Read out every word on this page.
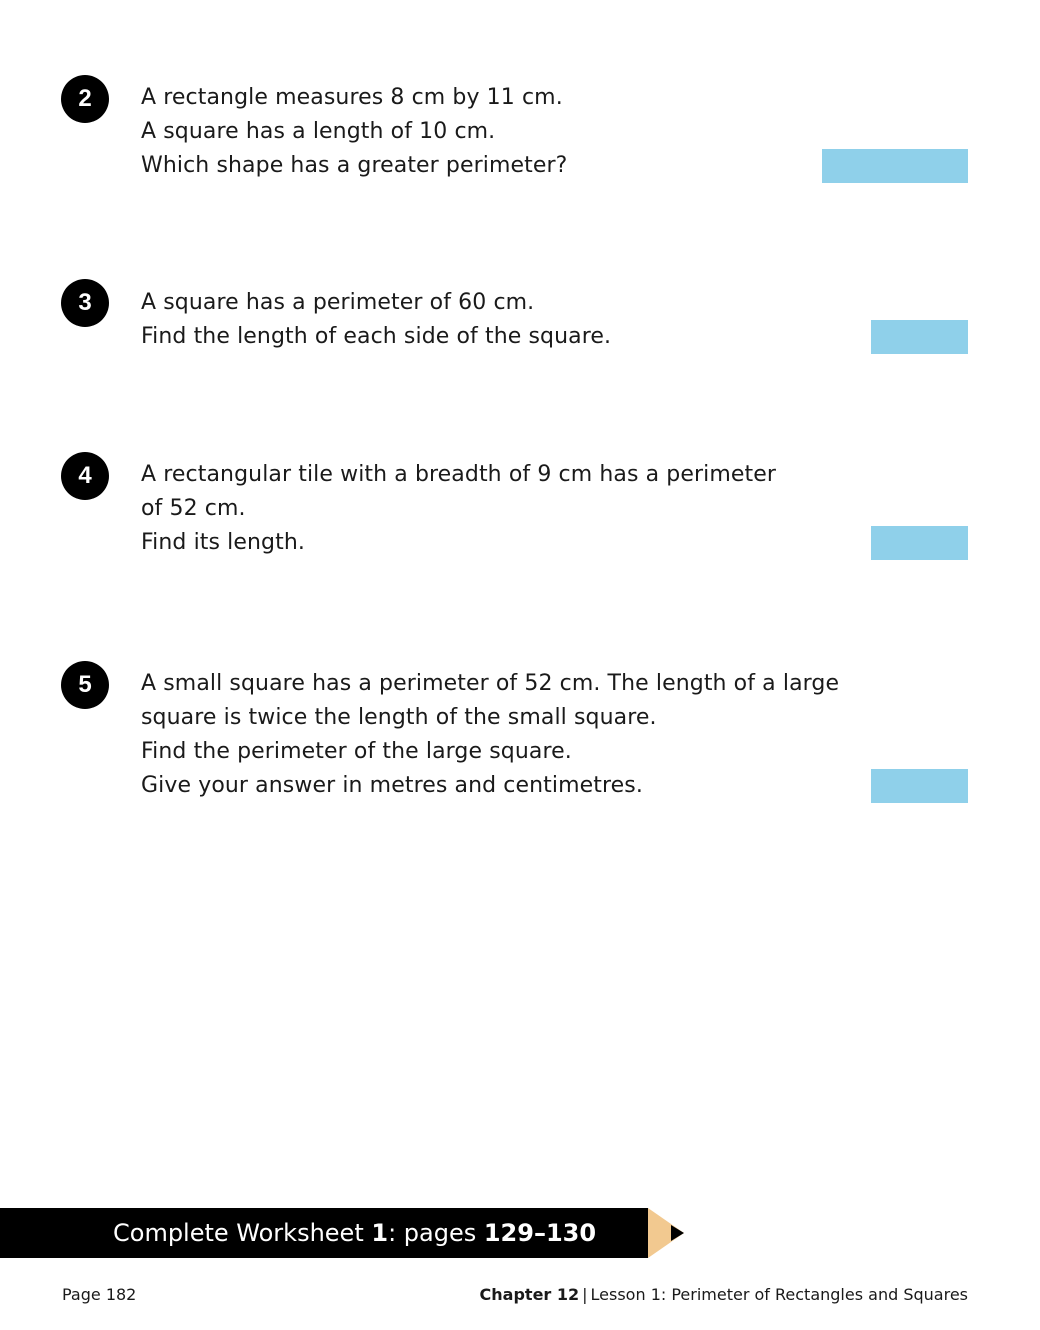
2	A rectangle measures 8 cm by 11 cm.
A square has a length of 10 cm.
Which shape has a greater perimeter?
3	A square has a perimeter of 60 cm.
Find the length of each side of the square.
4	A rectangular tile with a breadth of 9 cm has a perimeter
of 52 cm.
Find its length.
5	A small square has a perimeter of 52 cm. The length of a large
square is twice the length of the small square.
Find the perimeter of the large square.
Give your answer in metres and centimetres.
Complete Worksheet 1: pages 129–130
Page 182	Chapter 12 | Lesson 1: Perimeter of Rectangles and Squares
